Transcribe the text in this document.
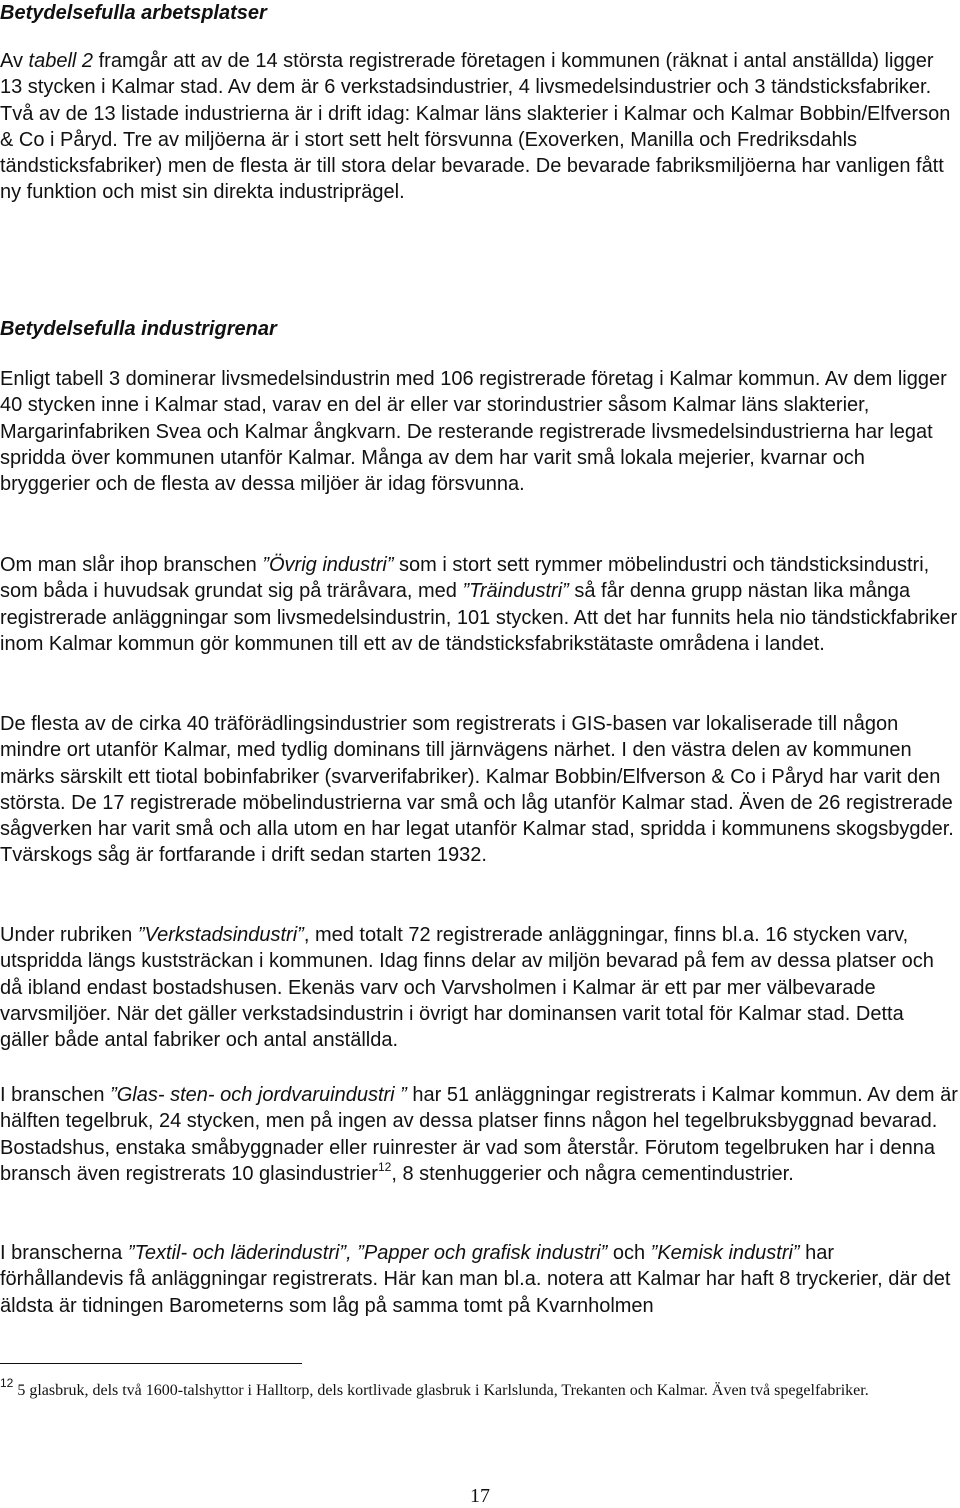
Betydelsefulla arbetsplatser

Av tabell 2 framgår att av de 14 största registrerade företagen i kommunen (räknat i antal anställda) ligger 13 stycken i Kalmar stad. Av dem är 6 verkstadsindustrier, 4 livsmedelsindustrier och 3 tändsticksfabriker. Två av de 13 listade industrierna är i drift idag: Kalmar läns slakterier i Kalmar och Kalmar Bobbin/Elfverson & Co i Påryd. Tre av miljöerna är i stort sett helt försvunna (Exoverken, Manilla och Fredriksdahls tändsticksfabriker) men de flesta är till stora delar bevarade. De bevarade fabriksmiljöerna har vanligen fått ny funktion och mist sin direkta industriprägel.

Betydelsefulla industrigrenar

Enligt tabell 3 dominerar livsmedelsindustrin med 106 registrerade företag i Kalmar kommun. Av dem ligger 40 stycken inne i Kalmar stad, varav en del är eller var storindustrier såsom Kalmar läns slakterier, Margarinfabriken Svea och Kalmar ångkvarn. De resterande registrerade livsmedelsindustrierna har legat spridda över kommunen utanför Kalmar. Många av dem har varit små lokala mejerier, kvarnar och bryggerier och de flesta av dessa miljöer är idag försvunna.

Om man slår ihop branschen ”Övrig industri” som i stort sett rymmer möbelindustri och tändsticksindustri, som båda i huvudsak grundat sig på träråvara, med ”Träindustri” så får denna grupp nästan lika många registrerade anläggningar som livsmedelsindustrin, 101 stycken. Att det har funnits hela nio tändstickfabriker inom Kalmar kommun gör kommunen till ett av de tändsticksfabrikstätaste områdena i landet.

De flesta av de cirka 40 träförädlingsindustrier som registrerats i GIS-basen var lokaliserade till någon mindre ort utanför Kalmar, med tydlig dominans till järnvägens närhet. I den västra delen av kommunen märks särskilt ett tiotal bobinfabriker (svarverifabriker). Kalmar Bobbin/Elfverson & Co i Påryd har varit den största. De 17 registrerade möbelindustrierna var små och låg utanför Kalmar stad. Även de 26 registrerade sågverken har varit små och alla utom en har legat utanför Kalmar stad, spridda i kommunens skogsbygder. Tvärskogs såg är fortfarande i drift sedan starten 1932.

Under rubriken ”Verkstadsindustri”, med totalt 72 registrerade anläggningar, finns bl.a. 16 stycken varv, utspridda längs kuststräckan i kommunen. Idag finns delar av miljön bevarad på fem av dessa platser och då ibland endast bostadshusen. Ekenäs varv och Varvsholmen i Kalmar är ett par mer välbevarade varvsmiljöer. När det gäller verkstadsindustrin i övrigt har dominansen varit total för Kalmar stad. Detta gäller både antal fabriker och antal anställda.

I branschen ”Glas- sten- och jordvaruindustri ” har 51 anläggningar registrerats i Kalmar kommun. Av dem är hälften tegelbruk, 24 stycken, men på ingen av dessa platser finns någon hel tegelbruksbyggnad bevarad. Bostadshus, enstaka småbyggnader eller ruinrester är vad som återstår. Förutom tegelbruken har i denna bransch även registrerats 10 glasindustrier$^{12}$, 8 stenhuggerier och några cementindustrier.

I branscherna ”Textil- och läderindustri”, ”Papper och grafisk industri” och ”Kemisk industri” har förhållandevis få anläggningar registrerats. Här kan man bl.a. notera att Kalmar har haft 8 tryckerier, där det äldsta är tidningen Barometerns som låg på samma tomt på Kvarnholmen

$^{12}$ 5 glasbruk, dels två 1600-talshyttor i Halltorp, dels kortlivade glasbruk i Karlslunda, Trekanten och Kalmar. Även två spegelfabriker.
17
